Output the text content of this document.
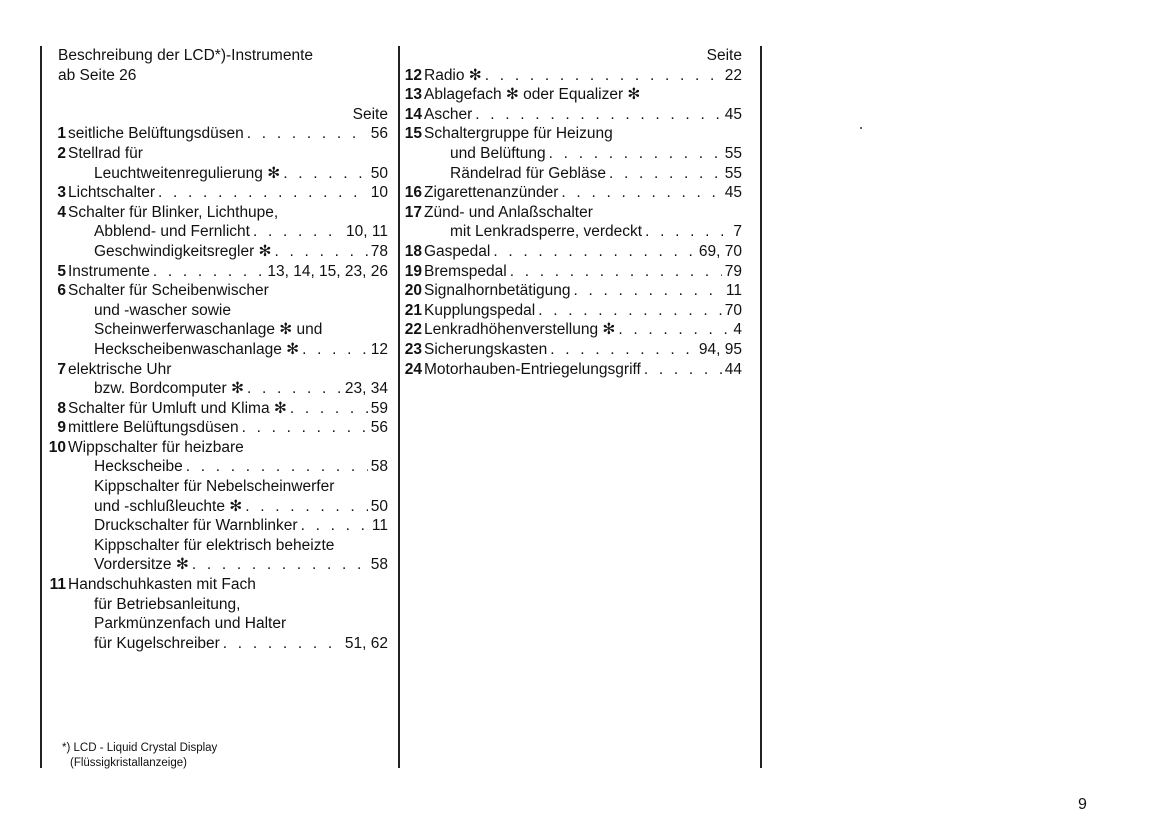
Beschreibung der LCD*)-Instrumente
ab Seite 26
Seite
1 seitliche Belüftungsdüsen . . .	56
2 Stellrad für
Leuchtweitenregulierung ✻ . . .	50
3 Lichtschalter . . .	10
4 Schalter für Blinker, Lichthupe,
Abblend- und Fernlicht . . .	10, 11
Geschwindigkeitsregler ✻ . . .	78
5 Instrumente . . .	13, 14, 15, 23, 26
6 Schalter für Scheibenwischer
und -wascher sowie
Scheinwerferwaschanlage ✻ und
Heckscheibenwaschanlage ✻ . . .	12
7 elektrische Uhr
bzw. Bordcomputer ✻ . . .	23, 34
8 Schalter für Umluft und Klima ✻ . . .	59
9 mittlere Belüftungsdüsen . . .	56
10 Wippschalter für heizbare
Heckscheibe . . .	58
Kippschalter für Nebelscheinwerfer
und -schlußleuchte ✻ . . .	50
Druckschalter für Warnblinker . . .	11
Kippschalter für elektrisch beheizte
Vordersitze ✻ . . .	58
11 Handschuhkasten mit Fach
für Betriebsanleitung,
Parkmünzenfach und Halter
für Kugelschreiber . . .	51, 62
Seite
12 Radio ✻ . . .	22
13 Ablagefach ✻ oder Equalizer ✻
14 Ascher . . .	45
15 Schaltergruppe für Heizung
und Belüftung . . .	55
Rändelrad für Gebläse . . .	55
16 Zigarettenanzünder . . .	45
17 Zünd- und Anlaßschalter
mit Lenkradsperre, verdeckt . . .	7
18 Gaspedal . . .	69, 70
19 Bremspedal . . .	79
20 Signalhornbetätigung . . .	11
21 Kupplungspedal . . .	70
22 Lenkradhöhenverstellung ✻ . . .	4
23 Sicherungskasten . . .	94, 95
24 Motorhauben-Entriegelungsgriff . . .	44
*) LCD - Liquid Crystal Display
(Flüssigkristallanzeige)
9
